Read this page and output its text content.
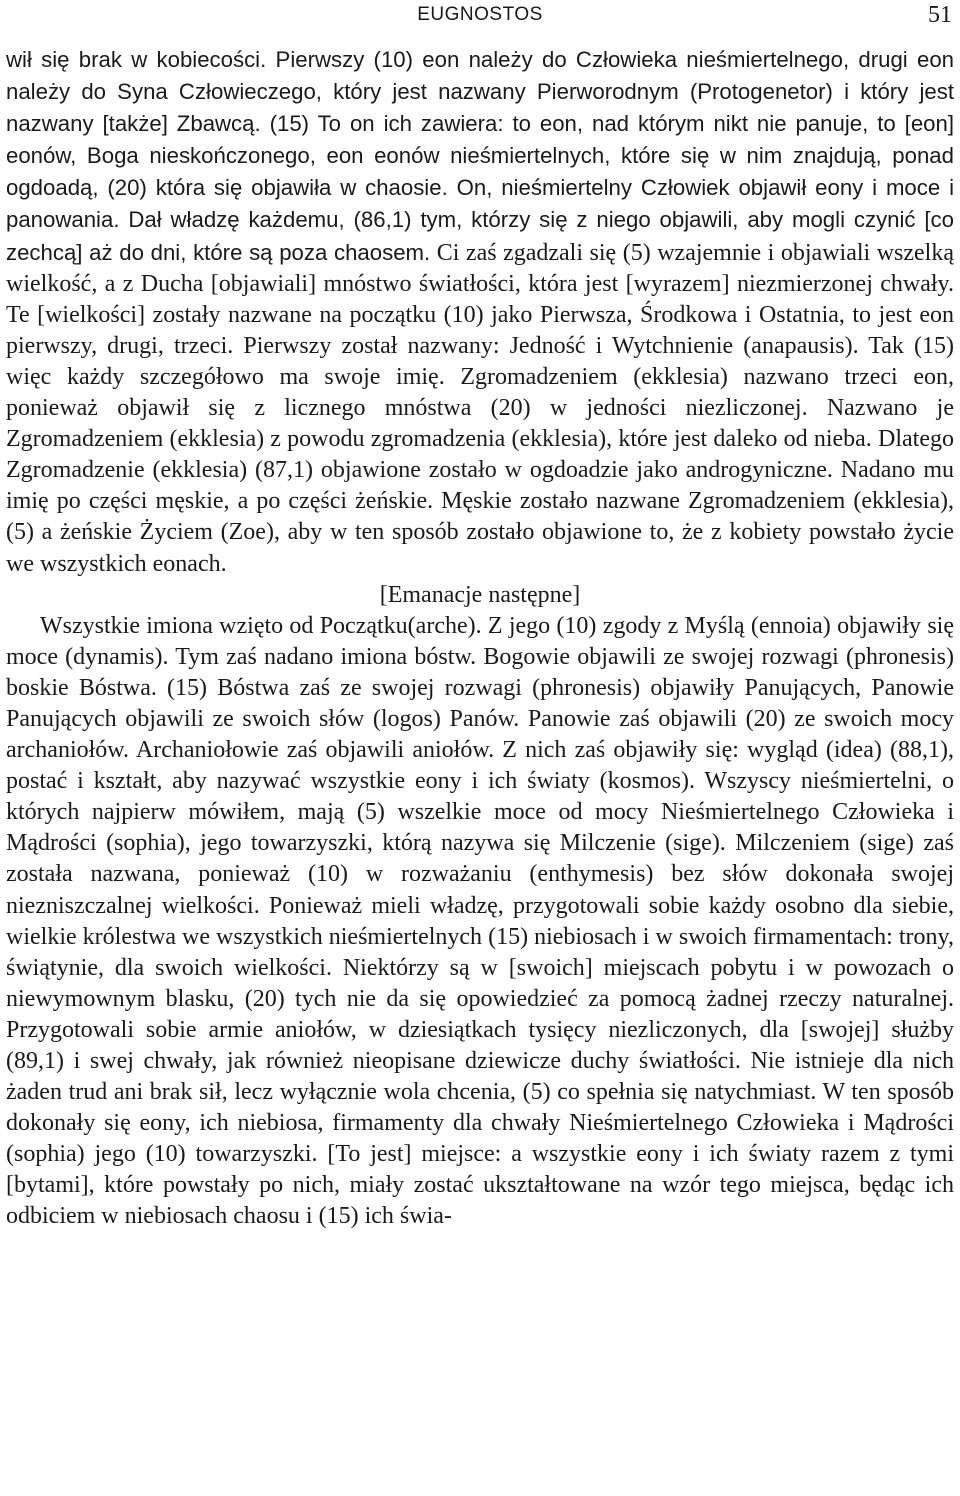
EUGNOSTOS	51

wił się brak w kobiecości. Pierwszy (10) eon należy do Człowieka nieśmiertelnego, drugi eon należy do Syna Człowieczego, który jest nazwany Pierworodnym (Protogenetor) i który jest nazwany [także] Zbawcą. (15) To on ich zawiera: to eon, nad którym nikt nie panuje, to [eon] eonów, Boga nieskończonego, eon eonów nieśmiertelnych, które się w nim znajdują, ponad ogdoadą, (20) która się objawiła w chaosie. On, nieśmiertelny Człowiek objawił eony i moce i panowania. Dał władzę każdemu, (86,1) tym, którzy się z niego objawili, aby mogli czynić [co zechcą] aż do dni, które są poza chaosem. Ci zaś zgadzali się (5) wzajemnie i objawiali wszelką wielkość, a z Ducha [objawiali] mnóstwo światłości, która jest [wyrazem] niezmierzonej chwały. Te [wielkości] zostały nazwane na początku (10) jako Pierwsza, Środkowa i Ostatnia, to jest eon pierwszy, drugi, trzeci. Pierwszy został nazwany: Jedność i Wytchnienie (anapausis). Tak (15) więc każdy szczegółowo ma swoje imię. Zgromadzeniem (ekklesia) nazwano trzeci eon, ponieważ objawił się z licznego mnóstwa (20) w jedności niezliczonej. Nazwano je Zgromadzeniem (ekklesia) z powodu zgromadzenia (ekklesia), które jest daleko od nieba. Dlatego Zgromadzenie (ekklesia) (87,1) objawione zostało w ogdoadzie jako androgyniczne. Nadano mu imię po części męskie, a po części żeńskie. Męskie zostało nazwane Zgromadzeniem (ekklesia), (5) a żeńskie Życiem (Zoe), aby w ten sposób zostało objawione to, że z kobiety powstało życie we wszystkich eonach.

[Emanacje następne]

Wszystkie imiona wzięto od Początku(arche). Z jego (10) zgody z Myślą (ennoia) objawiły się moce (dynamis). Tym zaś nadano imiona bóstw. Bogowie objawili ze swojej rozwagi (phronesis) boskie Bóstwa. (15) Bóstwa zaś ze swojej rozwagi (phronesis) objawiły Panujących, Panowie Panujących objawili ze swoich słów (logos) Panów. Panowie zaś objawili (20) ze swoich mocy archaniołów. Archaniołowie zaś objawili aniołów. Z nich zaś objawiły się: wygląd (idea) (88,1), postać i kształt, aby nazywać wszystkie eony i ich światy (kosmos). Wszyscy nieśmiertelni, o których najpierw mówiłem, mają (5) wszelkie moce od mocy Nieśmiertelnego Człowieka i Mądrości (sophia), jego towarzyszki, którą nazywa się Milczenie (sige). Milczeniem (sige) zaś została nazwana, ponieważ (10) w rozważaniu (enthymesis) bez słów dokonała swojej niezniszczalnej wielkości. Ponieważ mieli władzę, przygotowali sobie każdy osobno dla siebie, wielkie królestwa we wszystkich nieśmiertelnych (15) niebiosach i w swoich firmamentach: trony, świątynie, dla swoich wielkości. Niektórzy są w [swoich] miejscach pobytu i w powozach o niewymownym blasku, (20) tych nie da się opowiedzieć za pomocą żadnej rzeczy naturalnej. Przygotowali sobie armie aniołów, w dziesiątkach tysięcy niezliczonych, dla [swojej] służby (89,1) i swej chwały, jak również nieopisane dziewicze duchy światłości. Nie istnieje dla nich żaden trud ani brak sił, lecz wyłącznie wola chcenia, (5) co spełnia się natychmiast. W ten sposób dokonały się eony, ich niebiosa, firmamenty dla chwały Nieśmiertelnego Człowieka i Mądrości (sophia) jego (10) towarzyszki. [To jest] miejsce: a wszystkie eony i ich światy razem z tymi [bytami], które powstały po nich, miały zostać ukształtowane na wzór tego miejsca, będąc ich odbiciem w niebiosach chaosu i (15) ich świa-
